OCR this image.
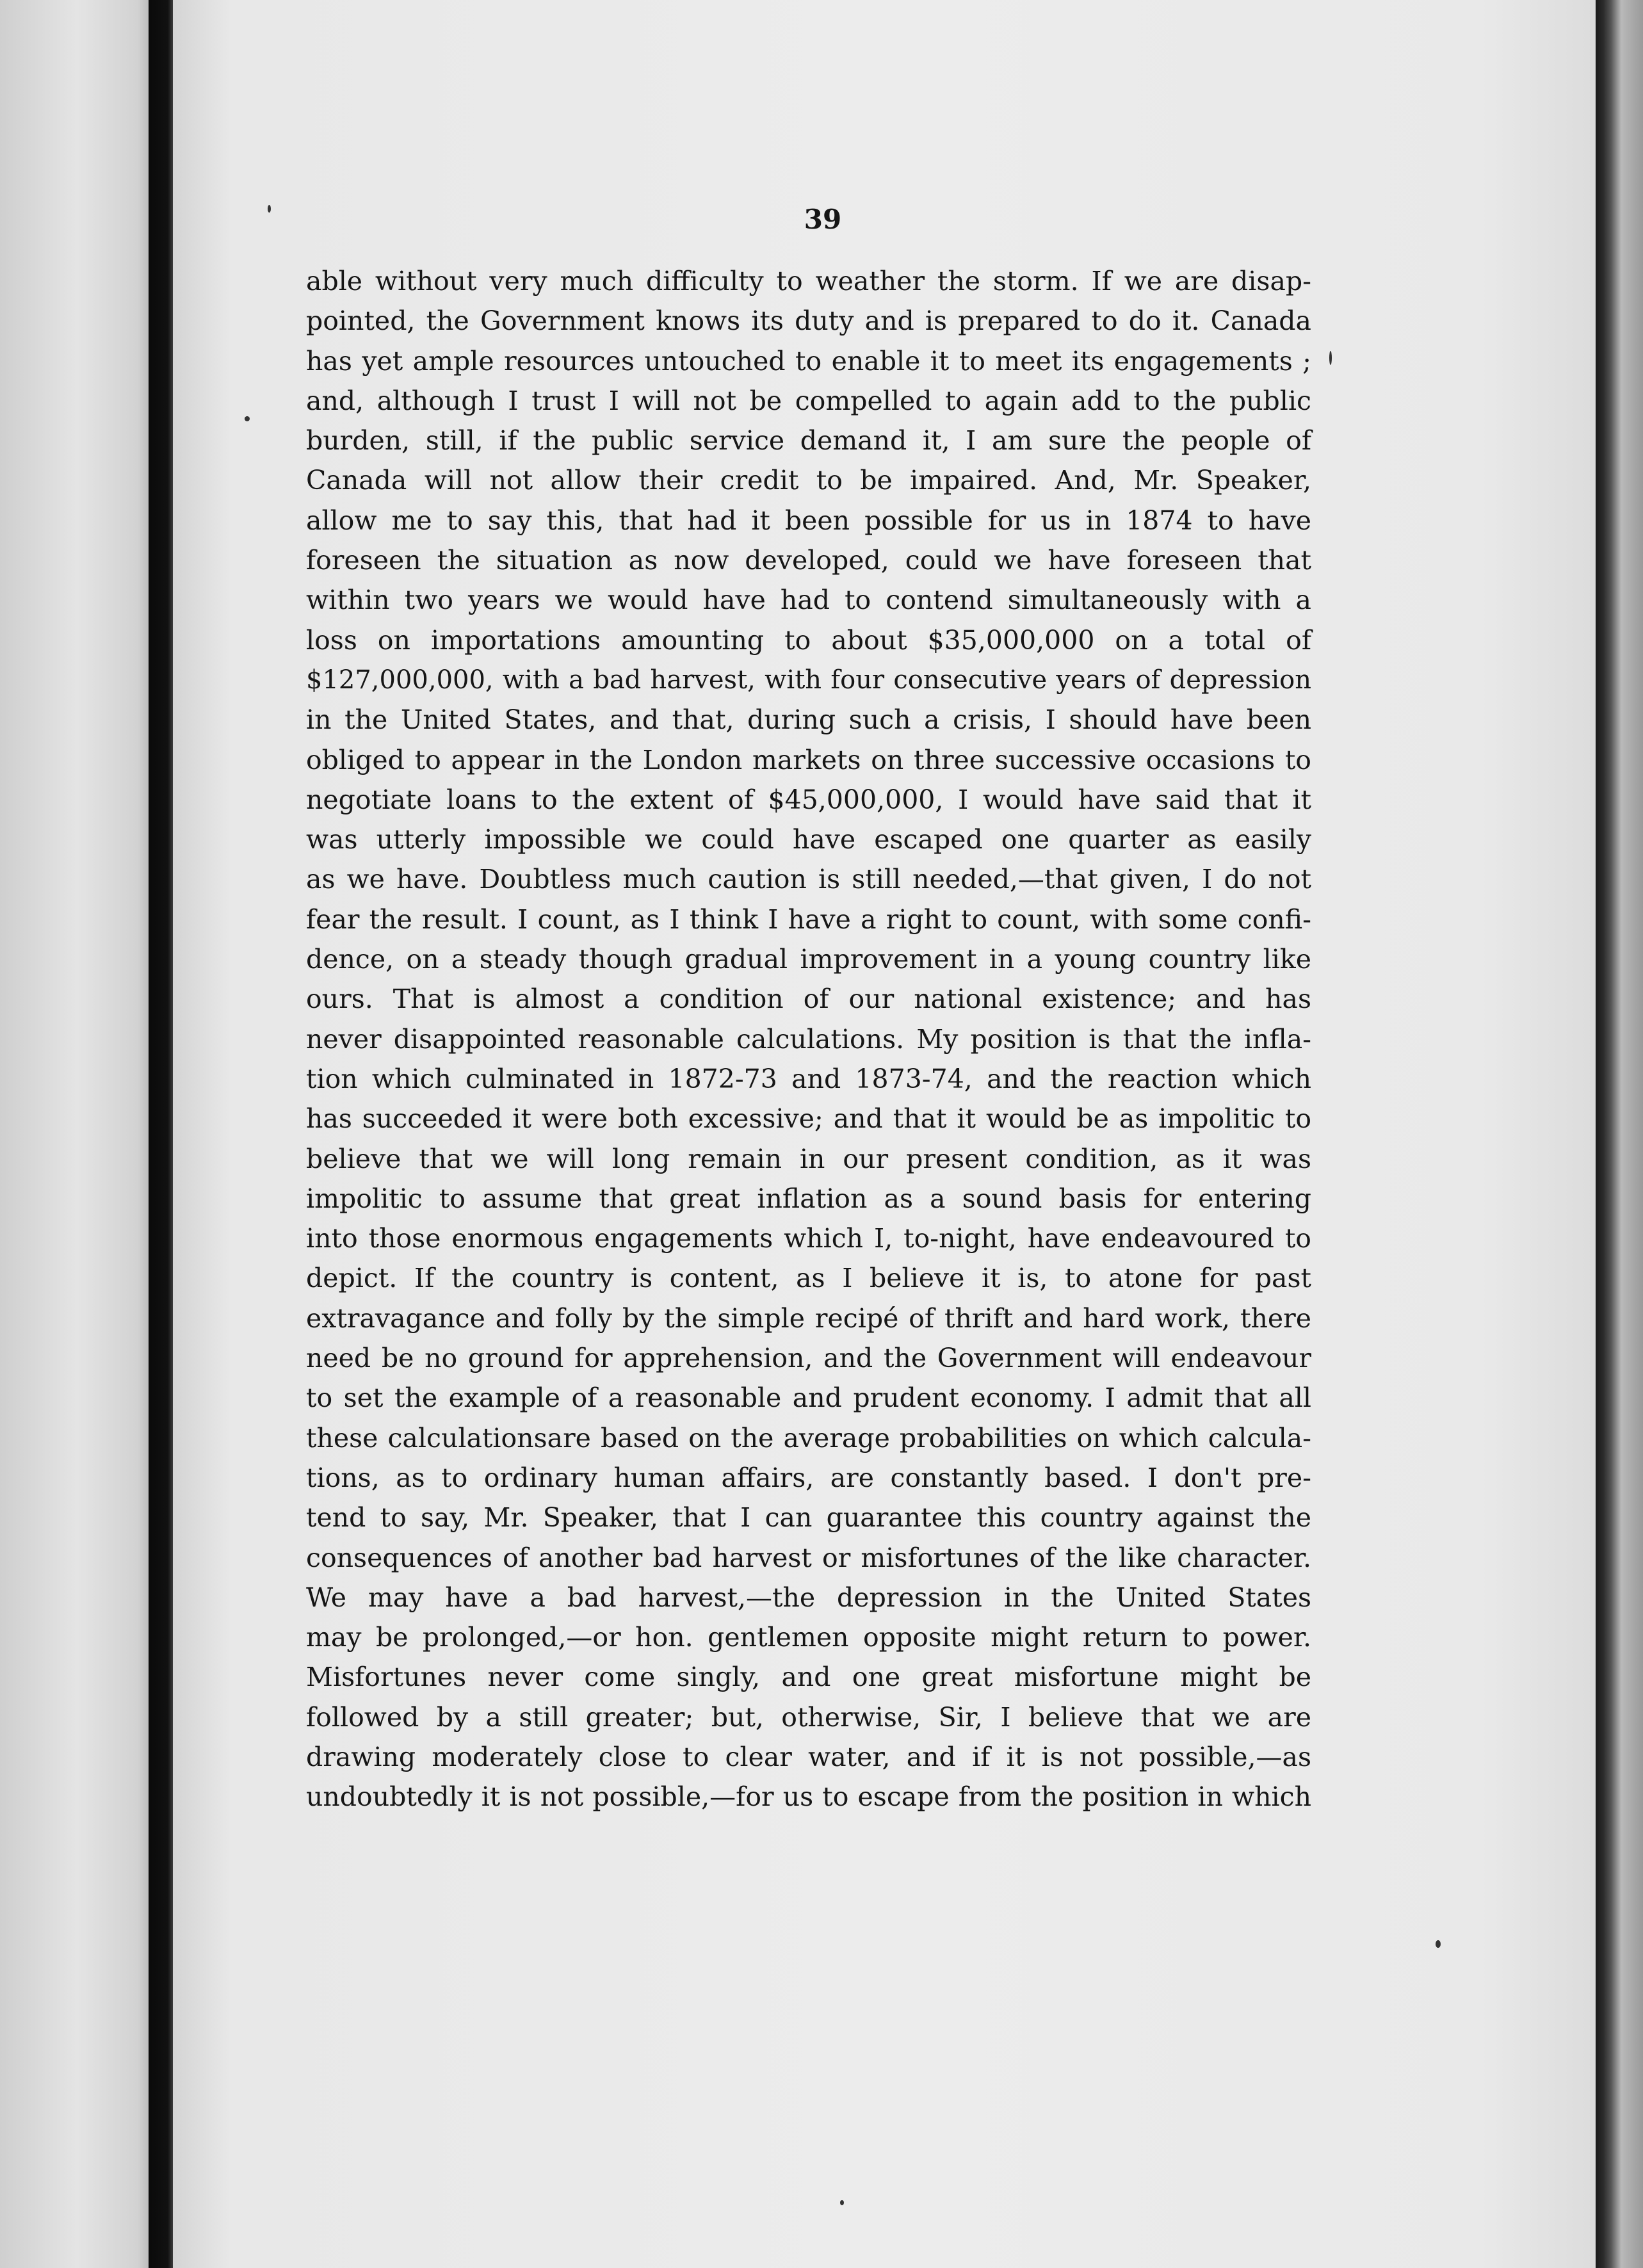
39
able without very much difficulty to weather the storm. If we are disap-
pointed, the Government knows its duty and is prepared to do it. Canada
has yet ample resources untouched to enable it to meet its engagements ;
and, although I trust I will not be compelled to again add to the public
burden, still, if the public service demand it, I am sure the people of
Canada will not allow their credit to be impaired. And, Mr. Speaker,
allow me to say this, that had it been possible for us in 1874 to have
foreseen the situation as now developed, could we have foreseen that
within two years we would have had to contend simultaneously with a
loss on importations amounting to about $35,000,000 on a total of
$127,000,000, with a bad harvest, with four consecutive years of depression
in the United States, and that, during such a crisis, I should have been
obliged to appear in the London markets on three successive occasions to
negotiate loans to the extent of $45,000,000, I would have said that it
was utterly impossible we could have escaped one quarter as easily
as we have. Doubtless much caution is still needed,—that given, I do not
fear the result. I count, as I think I have a right to count, with some confi-
dence, on a steady though gradual improvement in a young country like
ours. That is almost a condition of our national existence; and has
never disappointed reasonable calculations. My position is that the infla-
tion which culminated in 1872-73 and 1873-74, and the reaction which
has succeeded it were both excessive; and that it would be as impolitic to
believe that we will long remain in our present condition, as it was
impolitic to assume that great inflation as a sound basis for entering
into those enormous engagements which I, to-night, have endeavoured to
depict. If the country is content, as I believe it is, to atone for past
extravagance and folly by the simple recipé of thrift and hard work, there
need be no ground for apprehension, and the Government will endeavour
to set the example of a reasonable and prudent economy. I admit that all
these calculationsare based on the average probabilities on which calcula-
tions, as to ordinary human affairs, are constantly based. I don't pre-
tend to say, Mr. Speaker, that I can guarantee this country against the
consequences of another bad harvest or misfortunes of the like character.
We may have a bad harvest,—the depression in the United States
may be prolonged,—or hon. gentlemen opposite might return to power.
Misfortunes never come singly, and one great misfortune might be
followed by a still greater; but, otherwise, Sir, I believe that we are
drawing moderately close to clear water, and if it is not possible,—as
undoubtedly it is not possible,—for us to escape from the position in which
